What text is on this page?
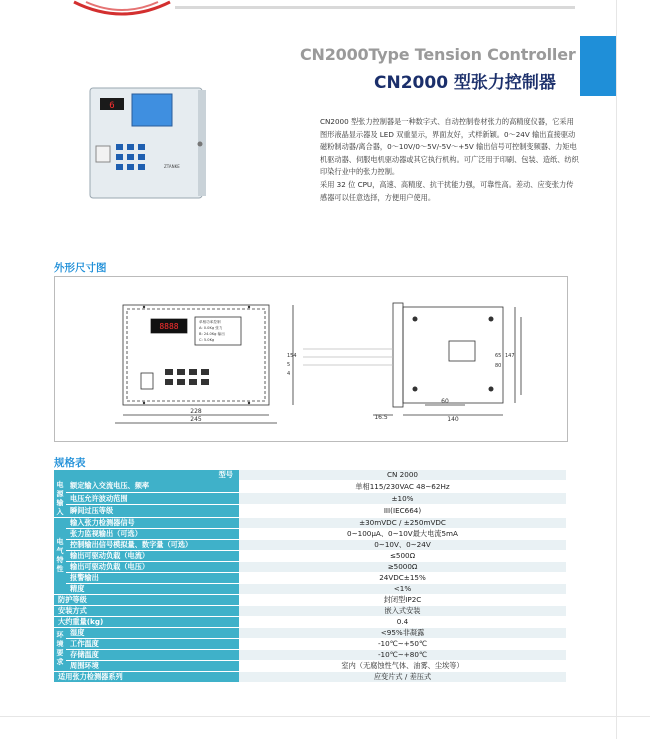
CN2000Type Tension Controller
CN2000 型张力控制器
6
ZTANKE

CN2000 型张力控制器是一种数字式、自动控制卷材张力的高精度仪器，它采用图形液晶显示器及 LED 双重显示，界面友好，式样新颖。0～24V 输出直接驱动磁粉制动器/离合器，0～10V/0～5V/-5V～+5V 输出信号可控制变频器、力矩电机驱动器、伺服电机驱动器或其它执行机构。可广泛用于印刷、包装、造纸、纺织印染行业中的张力控制。

采用 32 位 CPU，高速、高精度、抗干扰能力强，可靠性高。差动、应变张力传感器可以任意选择，方便用户使用。

外形尺寸图
8888	单相功率控制
A: 0.0Kg 张力
B: 24.0Kg 输出
C: 5.0Kg
228
245
154
5
4
60
140
16.5
65 147
80
规格表
型号		CN 2000
电
源
输
入	额定输入交流电压、频率	单相115/230VAC 48~62Hz
	电压允许波动范围	±10%
	瞬间过压等级	III(IEC664)
电
气
特
性	输入张力检测器信号	±30mVDC / ±250mVDC
	张力监视输出（可选）	0~100μA、0~10V最大电流5mA
	控制输出信号模拟量、数字量（可选）	0~10V、0~24V
	输出可驱动负载（电流）	≤500Ω
	输出可驱动负载（电压）	≥5000Ω
	报警输出	24VDC±15%
	精度	<1%
防护等级		封闭型IP2C
安装方式		嵌入式安装
大约重量(kg)		0.4
环
境
要
求	湿度	<95%非凝露
	工作温度	-10℃~+50℃
	存储温度	-10℃~+80℃
	周围环境	室内（无腐蚀性气体、油雾、尘埃等）
适用张力检测器系列		应变片式 / 差压式
